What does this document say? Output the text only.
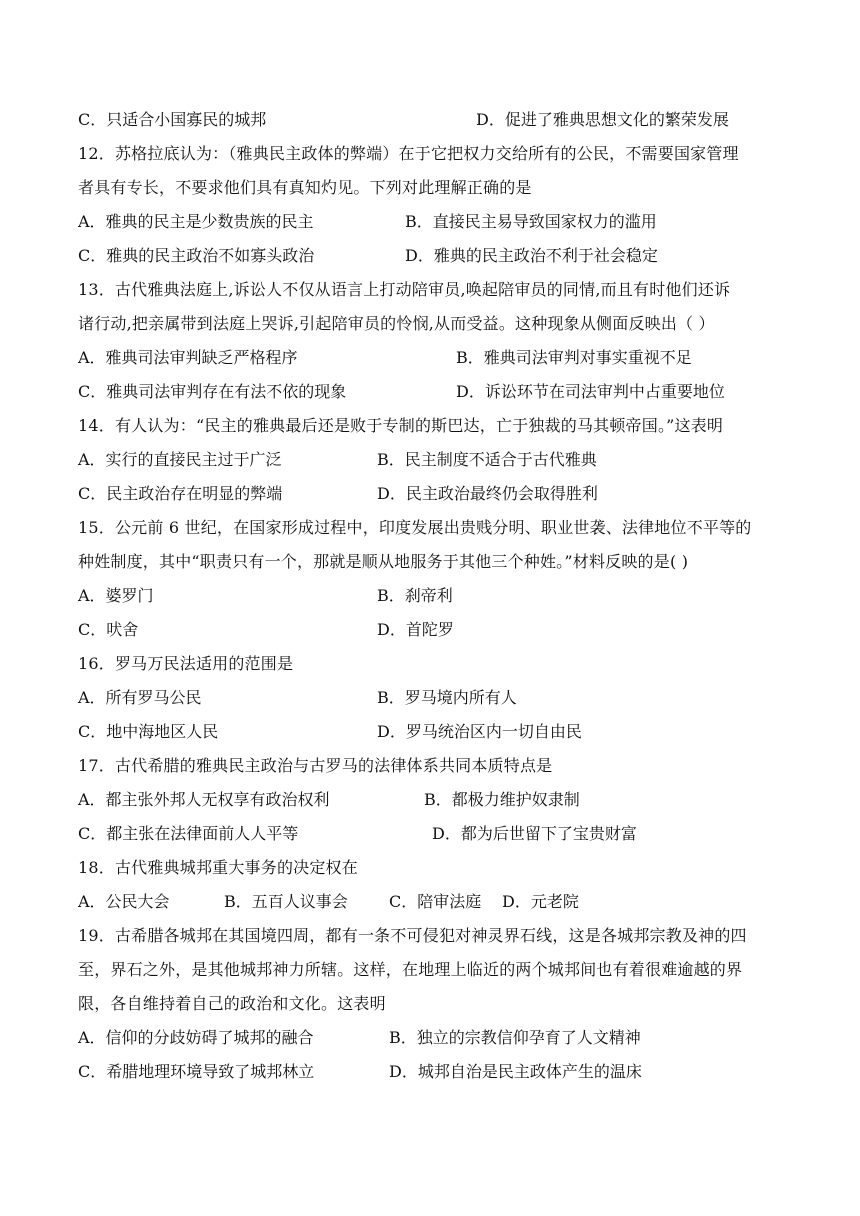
C．只适合小国寡民的城邦	D．促进了雅典思想文化的繁荣发展
12．苏格拉底认为：（雅典民主政体的弊端）在于它把权力交给所有的公民，不需要国家管理
者具有专长，不要求他们具有真知灼见。下列对此理解正确的是
A．雅典的民主是少数贵族的民主	B．直接民主易导致国家权力的滥用
C．雅典的民主政治不如寡头政治	D．雅典的民主政治不利于社会稳定
13．古代雅典法庭上,诉讼人不仅从语言上打动陪审员,唤起陪审员的同情,而且有时他们还诉
诸行动,把亲属带到法庭上哭诉,引起陪审员的怜悯,从而受益。这种现象从侧面反映出（ ）
A．雅典司法审判缺乏严格程序	B．雅典司法审判对事实重视不足
C．雅典司法审判存在有法不依的现象	D．诉讼环节在司法审判中占重要地位
14．有人认为：“民主的雅典最后还是败于专制的斯巴达，亡于独裁的马其顿帝国。”这表明
A．实行的直接民主过于广泛	B．民主制度不适合于古代雅典
C．民主政治存在明显的弊端	D．民主政治最终仍会取得胜利
15．公元前 6 世纪，在国家形成过程中，印度发展出贵贱分明、职业世袭、法律地位不平等的
种姓制度，其中“职责只有一个，那就是顺从地服务于其他三个种姓。”材料反映的是( )
A．婆罗门	B．刹帝利
C．吠舍	D．首陀罗
16．罗马万民法适用的范围是
A．所有罗马公民	B．罗马境内所有人
C．地中海地区人民	D．罗马统治区内一切自由民
17．古代希腊的雅典民主政治与古罗马的法律体系共同本质特点是
A．都主张外邦人无权享有政治权利	B．都极力维护奴隶制
C．都主张在法律面前人人平等	D．都为后世留下了宝贵财富
18．古代雅典城邦重大事务的决定权在
A．公民大会	B．五百人议事会	C．陪审法庭 D．元老院
19．古希腊各城邦在其国境四周，都有一条不可侵犯对神灵界石线，这是各城邦宗教及神的四
至，界石之外，是其他城邦神力所辖。这样，在地理上临近的两个城邦间也有着很难逾越的界
限，各自维持着自己的政治和文化。这表明
A．信仰的分歧妨碍了城邦的融合	B．独立的宗教信仰孕育了人文精神
C．希腊地理环境导致了城邦林立	D．城邦自治是民主政体产生的温床
